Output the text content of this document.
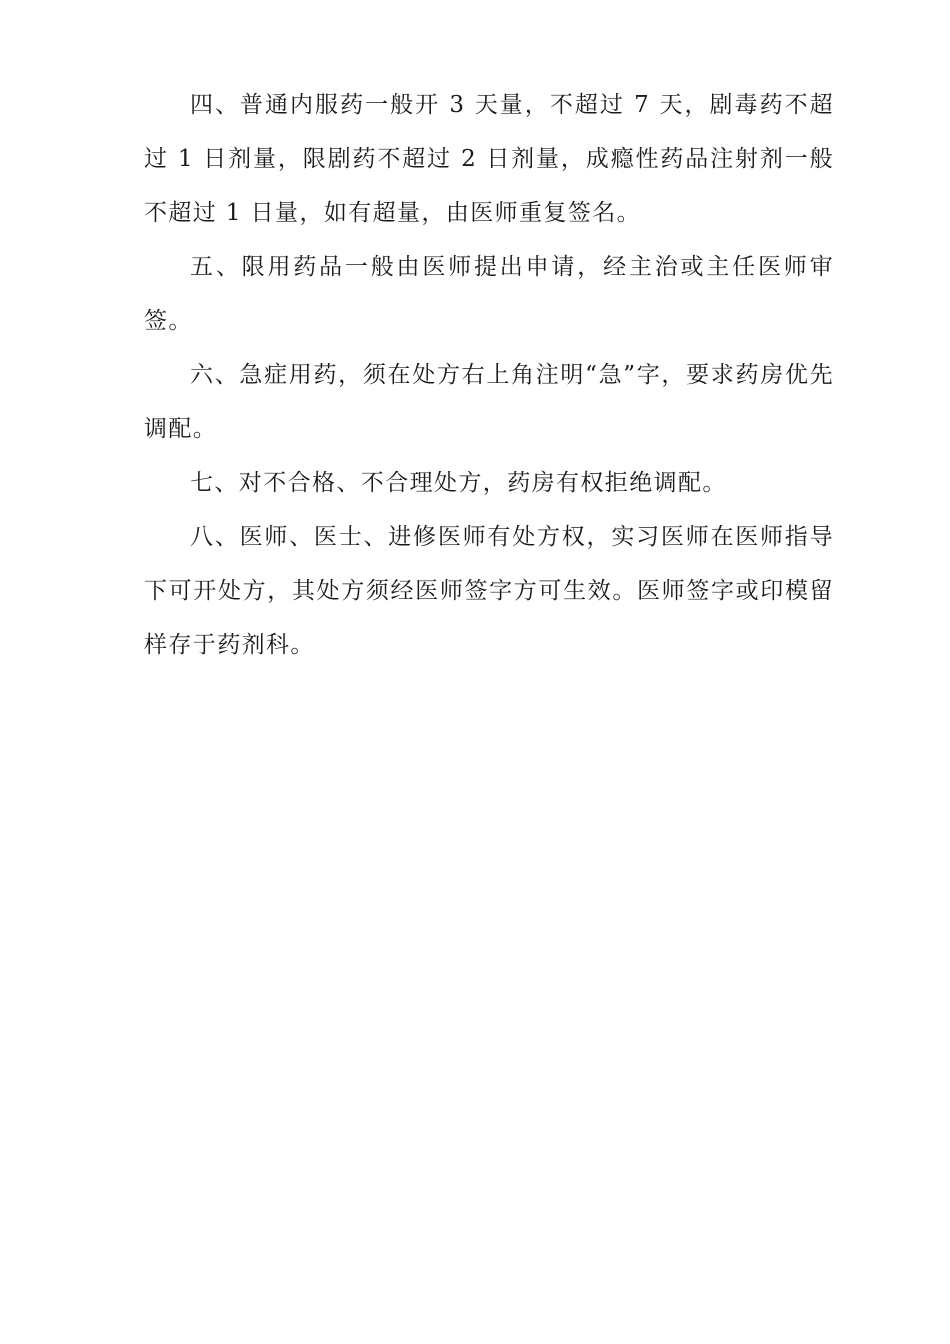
四、普通内服药一般开 3 天量，不超过 7 天，剧毒药不超过 1 日剂量，限剧药不超过 2 日剂量，成瘾性药品注射剂一般不超过 1 日量，如有超量，由医师重复签名。

五、限用药品一般由医师提出申请，经主治或主任医师审签。

六、急症用药，须在处方右上角注明“急”字，要求药房优先调配。

七、对不合格、不合理处方，药房有权拒绝调配。

八、医师、医士、进修医师有处方权，实习医师在医师指导下可开处方，其处方须经医师签字方可生效。医师签字或印模留样存于药剂科。
